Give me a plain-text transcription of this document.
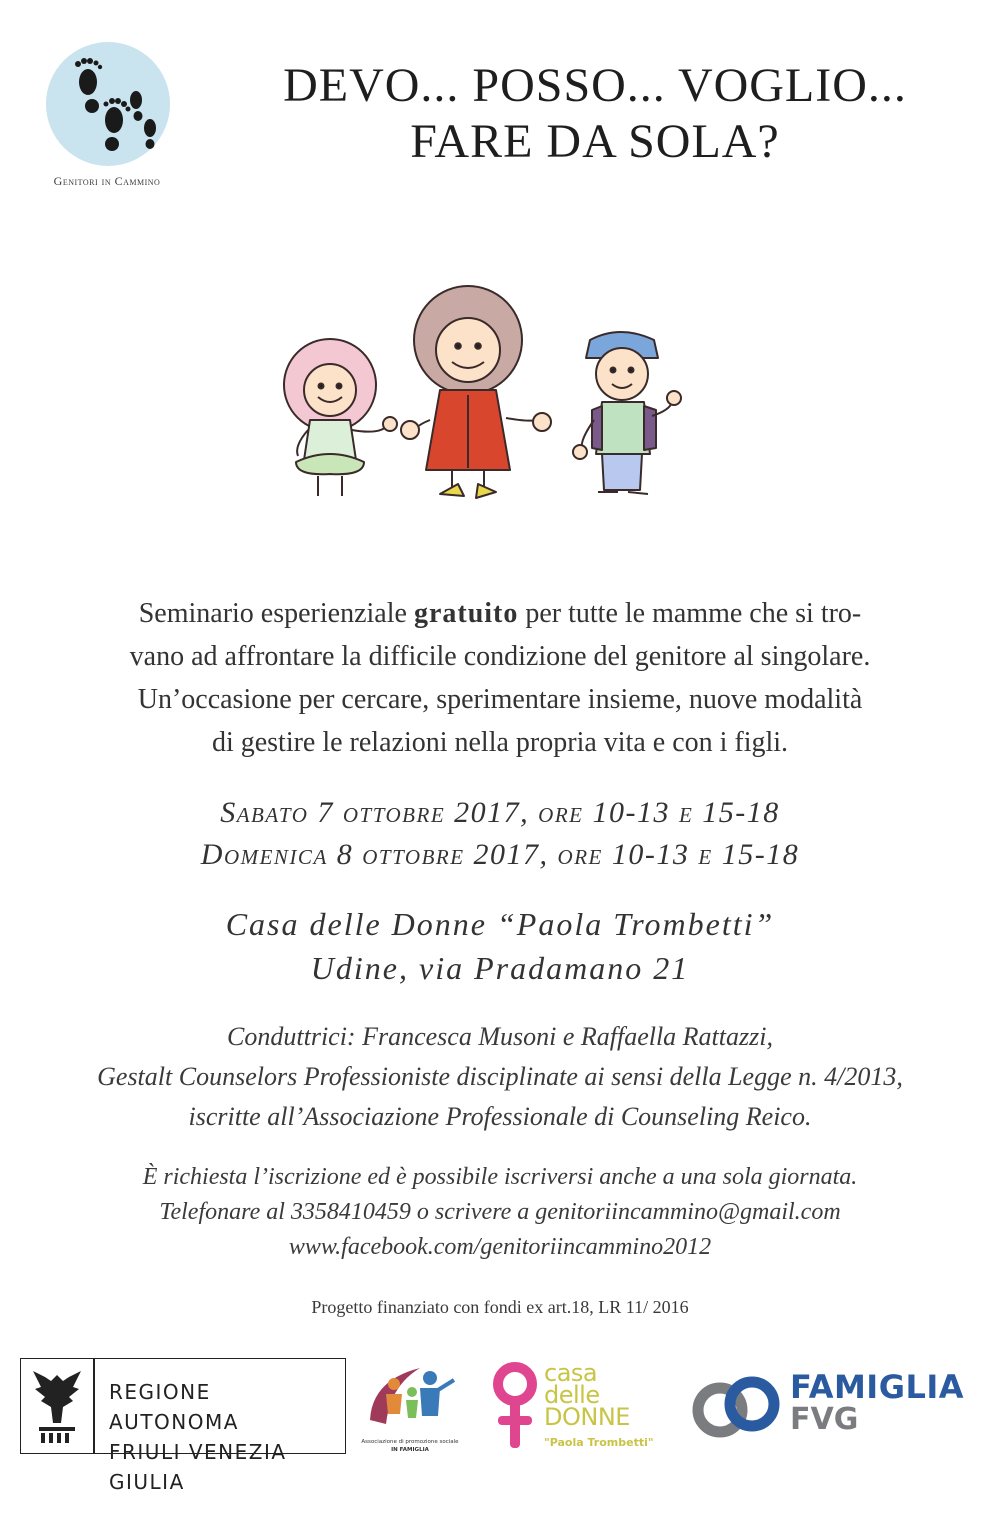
Genitori in Cammino
DEVO... POSSO... VOGLIO...
FARE DA SOLA?
Seminario esperienziale gratuito per tutte le mamme che si tro-
vano ad affrontare la difficile condizione del genitore al singolare.
Un’occasione per cercare, sperimentare insieme, nuove modalità
di gestire le relazioni nella propria vita e con i figli.
Sabato 7 ottobre 2017, ore 10-13 e 15-18
Domenica 8 ottobre 2017, ore 10-13 e 15-18
Casa delle Donne “Paola Trombetti”
Udine, via Pradamano 21
Conduttrici: Francesca Musoni e Raffaella Rattazzi,
Gestalt Counselors Professioniste disciplinate ai sensi della Legge n. 4/2013,
iscritte all’Associazione Professionale di Counseling Reico.
È richiesta l’iscrizione ed è possibile iscriversi anche a una sola giornata.
Telefonare al 3358410459 o scrivere a genitoriincammino@gmail.com
www.facebook.com/genitoriincammino2012
Progetto finanziato con fondi ex art.18, LR 11/ 2016
REGIONE AUTONOMA
FRIULI VENEZIA GIULIA
Associazione di promozione sociale
IN FAMIGLIA
casa
delle
DONNE
"Paola Trombetti"
FAMIGLIA
FVG
